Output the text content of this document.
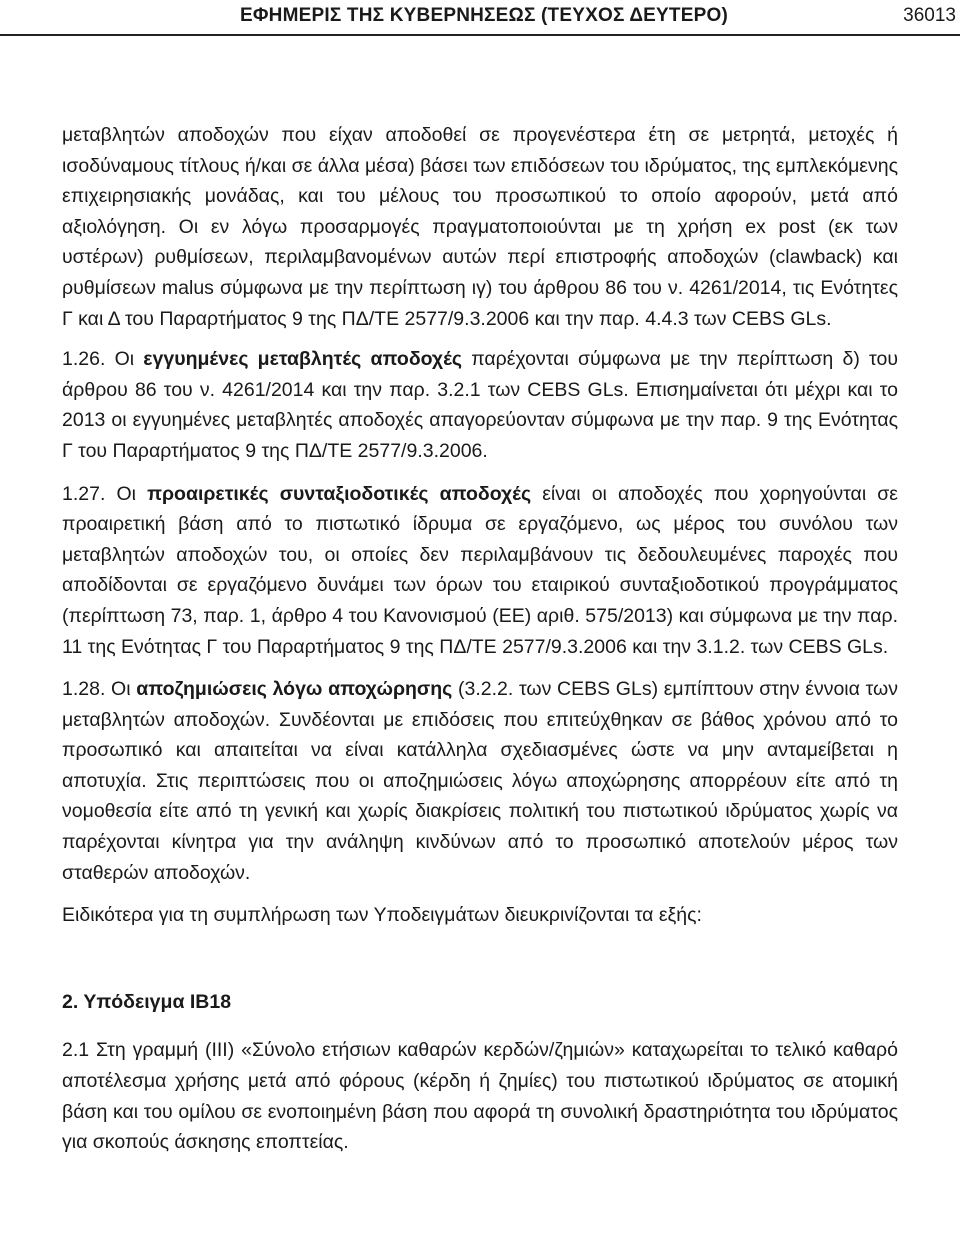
ΕΦΗΜΕΡΙΣ ΤΗΣ ΚΥΒΕΡΝΗΣΕΩΣ (ΤΕΥΧΟΣ ΔΕΥΤΕΡΟ)	36013

μεταβλητών αποδοχών που είχαν αποδοθεί σε προγενέστερα έτη σε μετρητά, μετοχές ή ισοδύναμους τίτλους ή/και σε άλλα μέσα) βάσει των επιδόσεων του ιδρύματος, της εμπλεκόμενης επιχειρησιακής μονάδας, και του μέλους του προσωπικού το οποίο αφορούν, μετά από αξιολόγηση. Οι εν λόγω προσαρμογές πραγματοποιούνται με τη χρήση ex post (εκ των υστέρων) ρυθμίσεων, περιλαμβανομένων αυτών περί επιστροφής αποδοχών (clawback) και ρυθμίσεων malus σύμφωνα με την περίπτωση ιγ) του άρθρου 86 του ν. 4261/2014, τις Ενότητες Γ και Δ του Παραρτήματος 9 της ΠΔ/ΤΕ 2577/9.3.2006 και την παρ. 4.4.3 των CEBS GLs.

1.26. Οι εγγυημένες μεταβλητές αποδοχές παρέχονται σύμφωνα με την περίπτωση δ) του άρθρου 86 του ν. 4261/2014 και την παρ. 3.2.1 των CEBS GLs. Επισημαίνεται ότι μέχρι και το 2013 οι εγγυημένες μεταβλητές αποδοχές απαγορεύονταν σύμφωνα με την παρ. 9 της Ενότητας Γ του Παραρτήματος 9 της ΠΔ/ΤΕ 2577/9.3.2006.

1.27. Οι προαιρετικές συνταξιοδοτικές αποδοχές είναι οι αποδοχές που χορηγούνται σε προαιρετική βάση από το πιστωτικό ίδρυμα σε εργαζόμενο, ως μέρος του συνόλου των μεταβλητών αποδοχών του, οι οποίες δεν περιλαμβάνουν τις δεδουλευμένες παροχές που αποδίδονται σε εργαζόμενο δυνάμει των όρων του εταιρικού συνταξιοδοτικού προγράμματος (περίπτωση 73, παρ. 1, άρθρο 4 του Κανονισμού (ΕΕ) αριθ. 575/2013) και σύμφωνα με την παρ. 11 της Ενότητας Γ του Παραρτήματος 9 της ΠΔ/ΤΕ 2577/9.3.2006 και την 3.1.2. των CEBS GLs.

1.28. Οι αποζημιώσεις λόγω αποχώρησης (3.2.2. των CEBS GLs) εμπίπτουν στην έννοια των μεταβλητών αποδοχών. Συνδέονται με επιδόσεις που επιτεύχθηκαν σε βάθος χρόνου από το προσωπικό και απαιτείται να είναι κατάλληλα σχεδιασμένες ώστε να μην ανταμείβεται η αποτυχία. Στις περιπτώσεις που οι αποζημιώσεις λόγω αποχώρησης απορρέουν είτε από τη νομοθεσία είτε από τη γενική και χωρίς διακρίσεις πολιτική του πιστωτικού ιδρύματος χωρίς να παρέχονται κίνητρα για την ανάληψη κινδύνων από το προσωπικό αποτελούν μέρος των σταθερών αποδοχών.

Ειδικότερα για τη συμπλήρωση των Υποδειγμάτων διευκρινίζονται τα εξής:

2. Υπόδειγμα ΙΒ18

2.1 Στη γραμμή (III) «Σύνολο ετήσιων καθαρών κερδών/ζημιών» καταχωρείται το τελικό καθαρό αποτέλεσμα χρήσης μετά από φόρους (κέρδη ή ζημίες) του πιστωτικού ιδρύματος σε ατομική βάση και του ομίλου σε ενοποιημένη βάση που αφορά τη συνολική δραστηριότητα του ιδρύματος για σκοπούς άσκησης εποπτείας.
